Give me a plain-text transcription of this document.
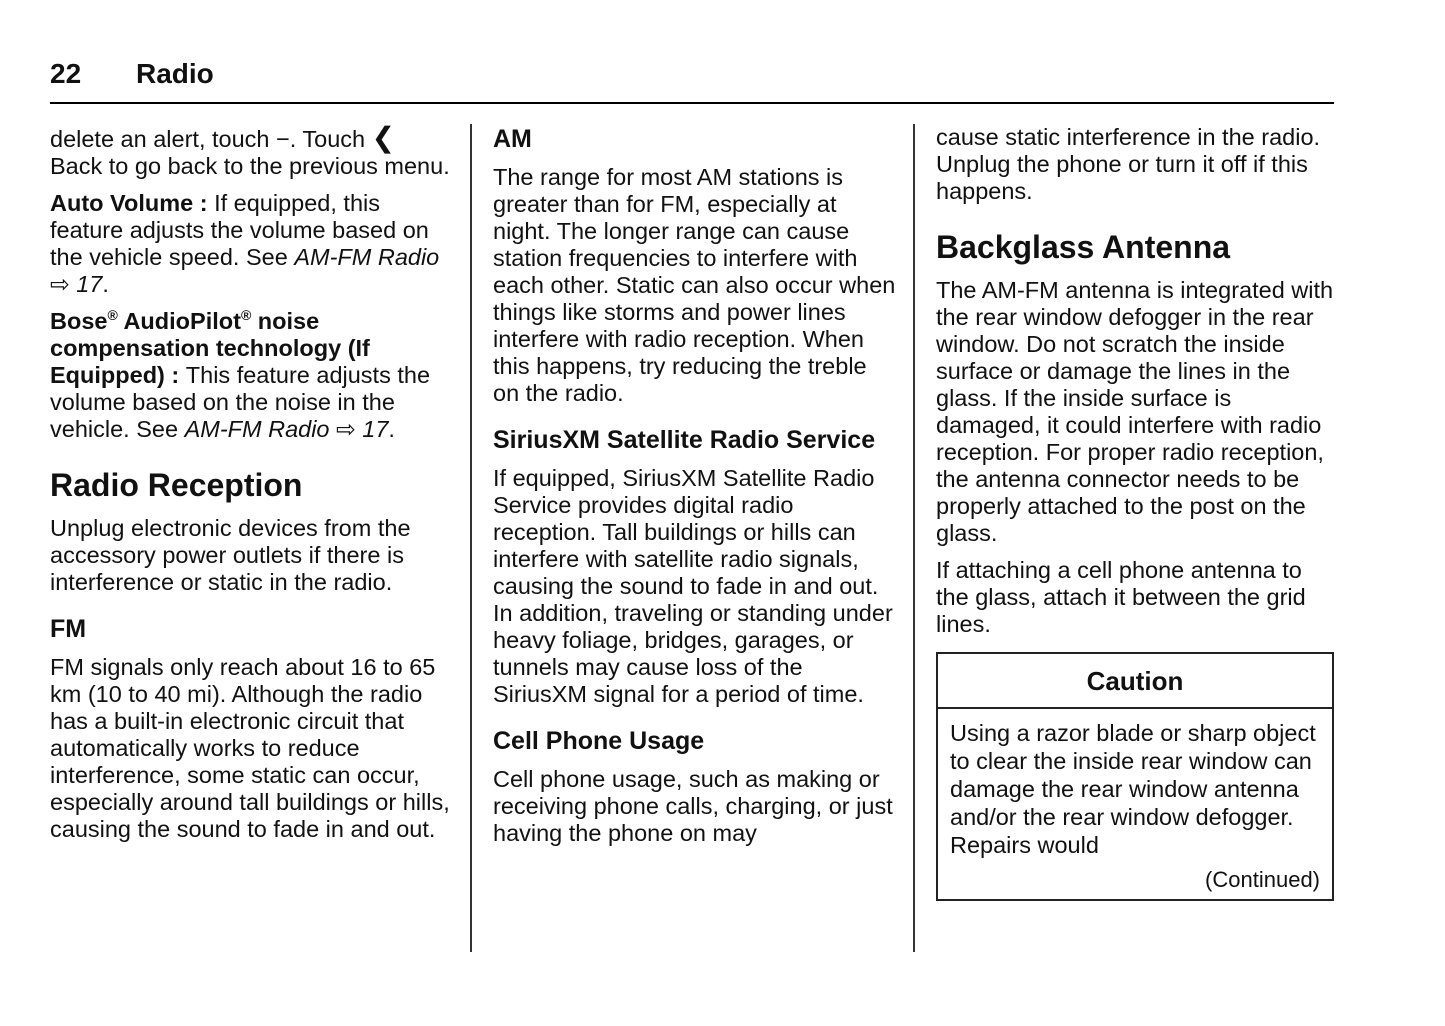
22 Radio

delete an alert, touch −. Touch ❮
Back to go back to the previous menu.

Auto Volume : If equipped, this feature adjusts the volume based on the vehicle speed. See AM-FM Radio ⇨ 17.

Bose® AudioPilot® noise compensation technology (If Equipped) : This feature adjusts the volume based on the noise in the vehicle. See AM-FM Radio ⇨ 17.

Radio Reception

Unplug electronic devices from the accessory power outlets if there is interference or static in the radio.

FM

FM signals only reach about 16 to 65 km (10 to 40 mi). Although the radio has a built-in electronic circuit that automatically works to reduce interference, some static can occur, especially around tall buildings or hills, causing the sound to fade in and out.

AM

The range for most AM stations is greater than for FM, especially at night. The longer range can cause station frequencies to interfere with each other. Static can also occur when things like storms and power lines interfere with radio reception. When this happens, try reducing the treble on the radio.

SiriusXM Satellite Radio Service

If equipped, SiriusXM Satellite Radio Service provides digital radio reception. Tall buildings or hills can interfere with satellite radio signals, causing the sound to fade in and out. In addition, traveling or standing under heavy foliage, bridges, garages, or tunnels may cause loss of the SiriusXM signal for a period of time.

Cell Phone Usage

Cell phone usage, such as making or receiving phone calls, charging, or just having the phone on may

cause static interference in the radio. Unplug the phone or turn it off if this happens.

Backglass Antenna

The AM-FM antenna is integrated with the rear window defogger in the rear window. Do not scratch the inside surface or damage the lines in the glass. If the inside surface is damaged, it could interfere with radio reception. For proper radio reception, the antenna connector needs to be properly attached to the post on the glass.

If attaching a cell phone antenna to the glass, attach it between the grid lines.

Caution
Using a razor blade or sharp object to clear the inside rear window can damage the rear window antenna and/or the rear window defogger. Repairs would
(Continued)
